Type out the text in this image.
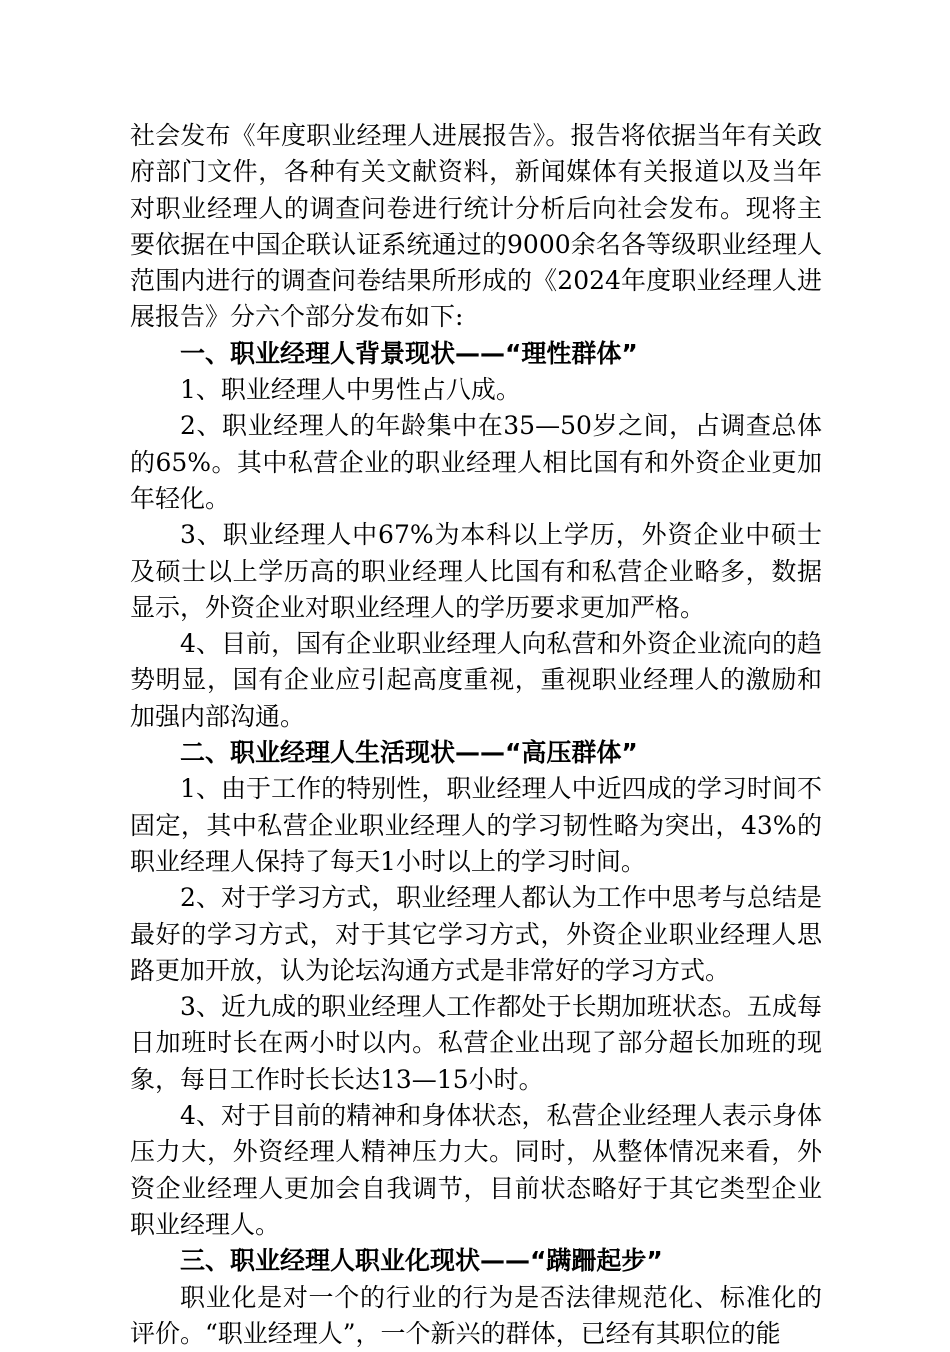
社会发布《年度职业经理人进展报告》。报告将依据当年有关政府部门文件，各种有关文献资料，新闻媒体有关报道以及当年对职业经理人的调查问卷进行统计分析后向社会发布。现将主要依据在中国企联认证系统通过的9000余名各等级职业经理人范围内进行的调查问卷结果所形成的《2024年度职业经理人进展报告》分六个部分发布如下:

一、职业经理人背景现状——“理性群体”

1、职业经理人中男性占八成。

2、职业经理人的年龄集中在35—50岁之间，占调查总体的65%。其中私营企业的职业经理人相比国有和外资企业更加年轻化。

3、职业经理人中67%为本科以上学历，外资企业中硕士及硕士以上学历高的职业经理人比国有和私营企业略多，数据显示，外资企业对职业经理人的学历要求更加严格。

4、目前，国有企业职业经理人向私营和外资企业流向的趋势明显，国有企业应引起高度重视，重视职业经理人的激励和加强内部沟通。

二、职业经理人生活现状——“高压群体”

1、由于工作的特别性，职业经理人中近四成的学习时间不固定，其中私营企业职业经理人的学习韧性略为突出，43%的职业经理人保持了每天1小时以上的学习时间。

2、对于学习方式，职业经理人都认为工作中思考与总结是最好的学习方式，对于其它学习方式，外资企业职业经理人思路更加开放，认为论坛沟通方式是非常好的学习方式。

3、近九成的职业经理人工作都处于长期加班状态。五成每日加班时长在两小时以内。私营企业出现了部分超长加班的现象，每日工作时长长达13—15小时。

4、对于目前的精神和身体状态，私营企业经理人表示身体压力大，外资经理人精神压力大。同时，从整体情况来看，外资企业经理人更加会自我调节，目前状态略好于其它类型企业职业经理人。

三、职业经理人职业化现状——“蹒跚起步”

职业化是对一个的行业的行为是否法律规范化、标准化的评价。“职业经理人”，一个新兴的群体，已经有其职位的能
